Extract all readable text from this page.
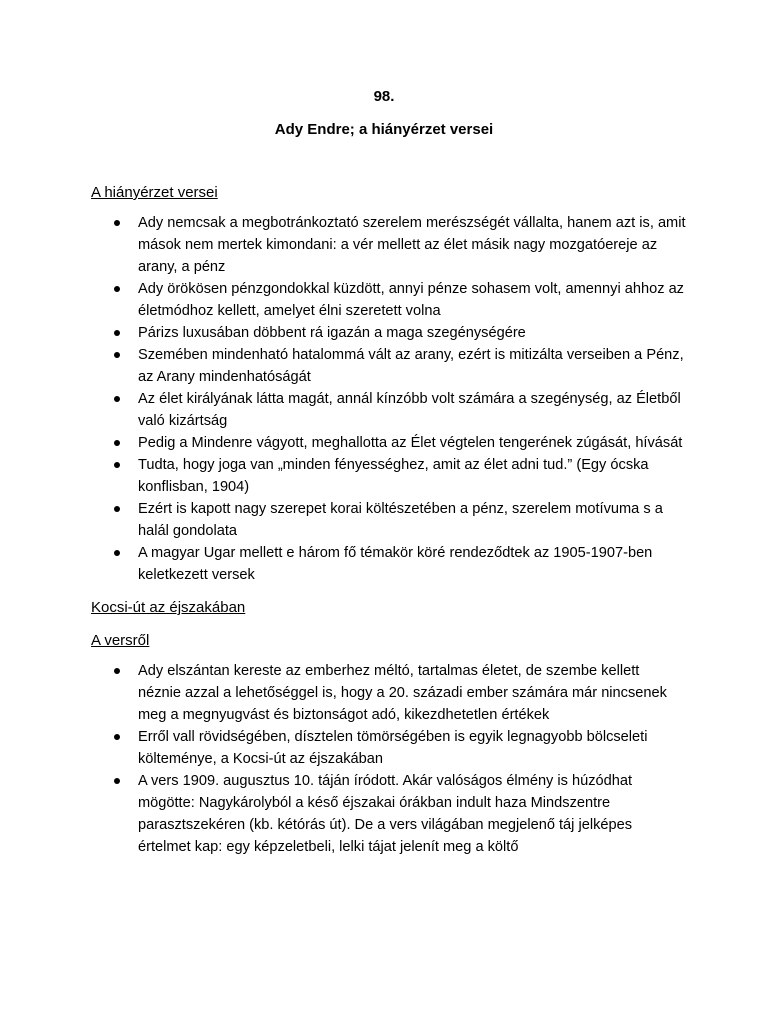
98.
Ady Endre; a hiányérzet versei

A hiányérzet versei

Ady nemcsak a megbotránkoztató szerelem merészségét vállalta, hanem azt is, amit mások nem mertek kimondani: a vér mellett az élet másik nagy mozgatóereje az arany, a pénz
Ady örökösen pénzgondokkal küzdött, annyi pénze sohasem volt, amennyi ahhoz az életmódhoz kellett, amelyet élni szeretett volna
Párizs luxusában döbbent rá igazán a maga szegénységére
Szemében mindenható hatalommá vált az arany, ezért is mitizálta verseiben a Pénz, az Arany mindenhatóságát
Az élet királyának látta magát, annál kínzóbb volt számára a szegénység, az Életből való kizártság
Pedig a Mindenre vágyott, meghallotta az Élet végtelen tengerének zúgását, hívását
Tudta, hogy joga van „minden fényességhez, amit az élet adni tud.” (Egy ócska konflisban, 1904)
Ezért is kapott nagy szerepet korai költészetében a pénz, szerelem motívuma s a halál gondolata
A magyar Ugar mellett e három fő témakör köré rendeződtek az 1905-1907-ben keletkezett versek

Kocsi-út az éjszakában

A versről

Ady elszántan kereste az emberhez méltó, tartalmas életet, de szembe kellett néznie azzal a lehetőséggel is, hogy a 20. századi ember számára már nincsenek meg a megnyugvást és biztonságot adó, kikezdhetetlen értékek
Erről vall rövidségében, dísztelen tömörségében is egyik legnagyobb bölcseleti költeménye, a Kocsi-út az éjszakában
A vers 1909. augusztus 10. táján íródott. Akár valóságos élmény is húzódhat mögötte: Nagykárolyból a késő éjszakai órákban indult haza Mindszentre parasztszekéren (kb. kétórás út). De a vers világában megjelenő táj jelképes értelmet kap: egy képzeletbeli, lelki tájat jelenít meg a költő
